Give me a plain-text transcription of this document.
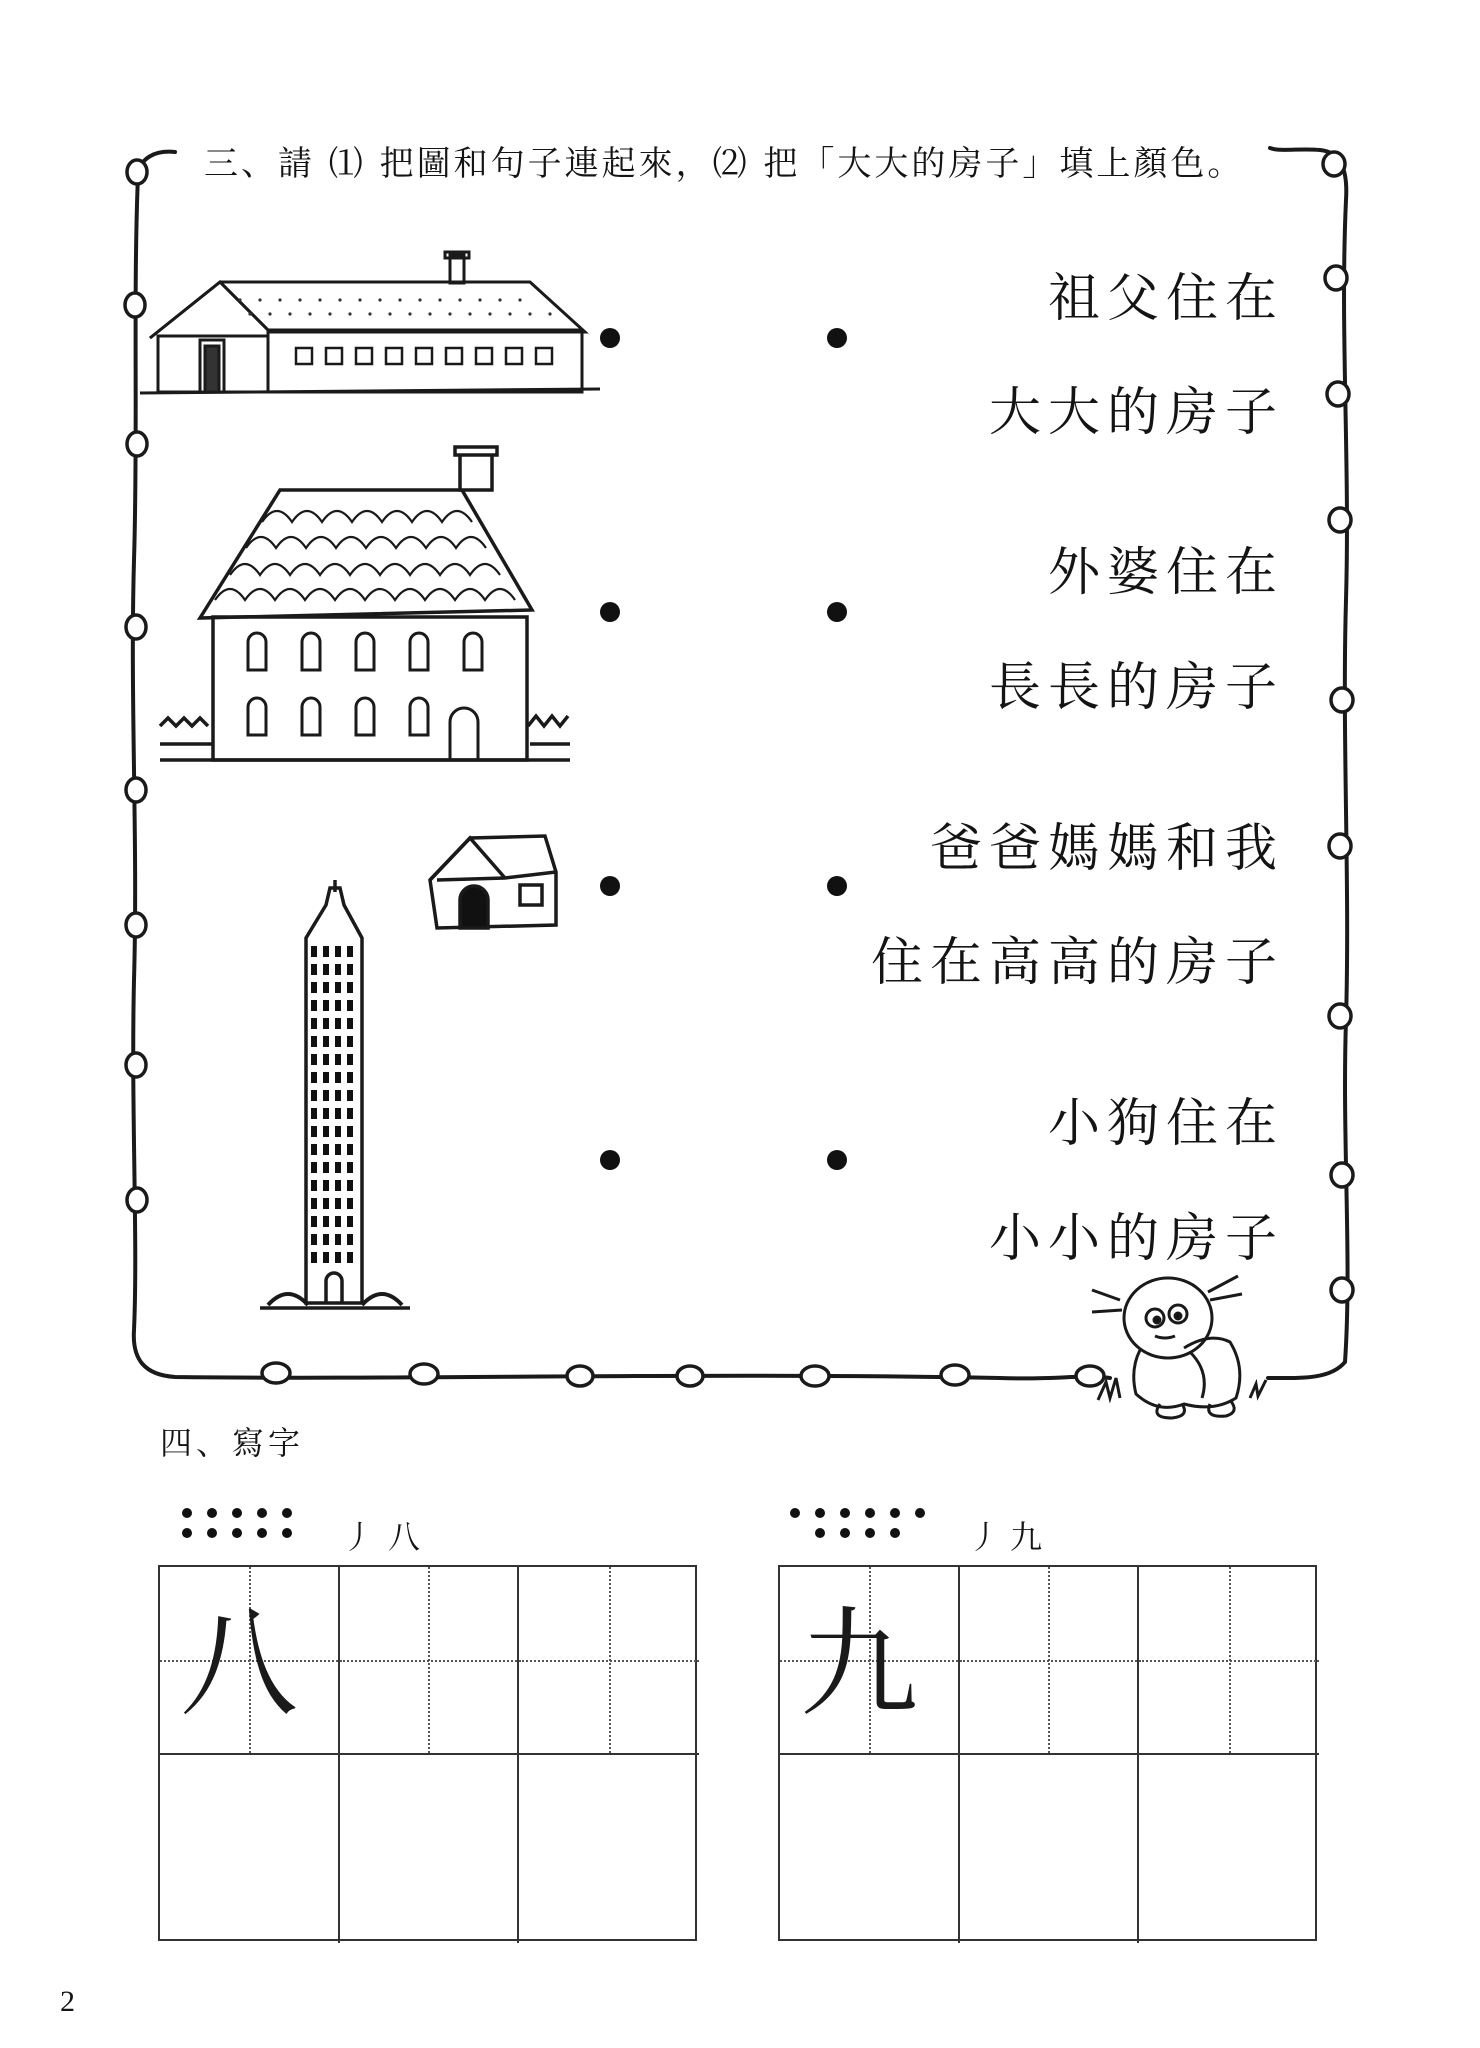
三、請 ⑴ 把圖和句子連起來，⑵ 把「大大的房子」填上顏色。
祖父住在
大大的房子
外婆住在
長長的房子
爸爸媽媽和我
住在高高的房子
小狗住在
小小的房子
四、寫字
丿八	丿九
八	九
2
